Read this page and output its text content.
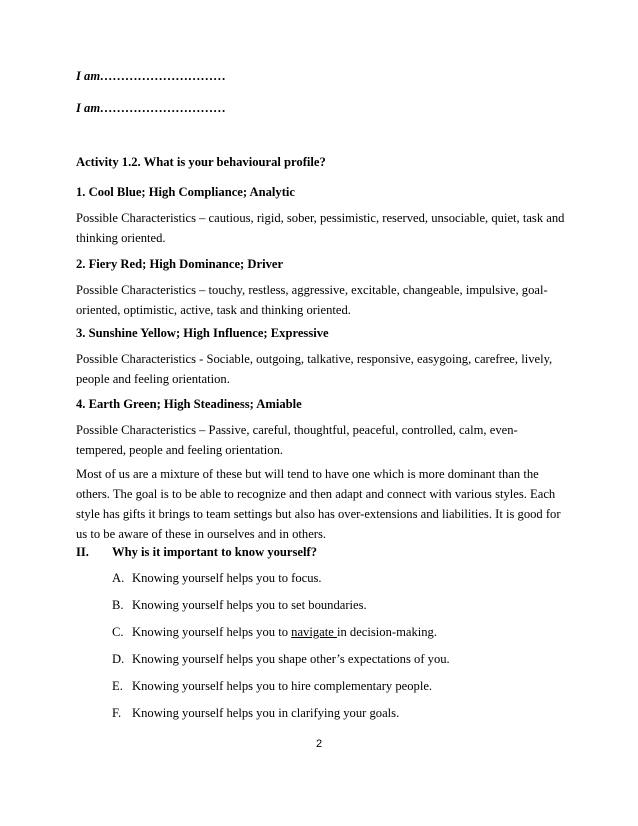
I am…………………………
I am…………………………
Activity 1.2. What is your behavioural profile?
1. Cool Blue; High Compliance; Analytic
Possible Characteristics – cautious, rigid, sober, pessimistic, reserved, unsociable, quiet, task and
thinking oriented.
2. Fiery Red; High Dominance; Driver
Possible Characteristics – touchy, restless, aggressive, excitable, changeable, impulsive, goal-
oriented, optimistic, active, task and thinking oriented.
3. Sunshine Yellow; High Influence; Expressive
Possible Characteristics - Sociable, outgoing, talkative, responsive, easygoing, carefree, lively,
people and feeling orientation.
4. Earth Green; High Steadiness; Amiable
Possible Characteristics – Passive, careful, thoughtful, peaceful, controlled, calm, even-
tempered, people and feeling orientation.
Most of us are a mixture of these but will tend to have one which is more dominant than the
others. The goal is to be able to recognize and then adapt and connect with various styles. Each
style has gifts it brings to team settings but also has over-extensions and liabilities. It is good for
us to be aware of these in ourselves and in others.
II. Why is it important to know yourself?
A. Knowing yourself helps you to focus.
B. Knowing yourself helps you to set boundaries.
C. Knowing yourself helps you to navigate in decision-making.
D. Knowing yourself helps you shape other’s expectations of you.
E. Knowing yourself helps you to hire complementary people.
F. Knowing yourself helps you in clarifying your goals.
2
